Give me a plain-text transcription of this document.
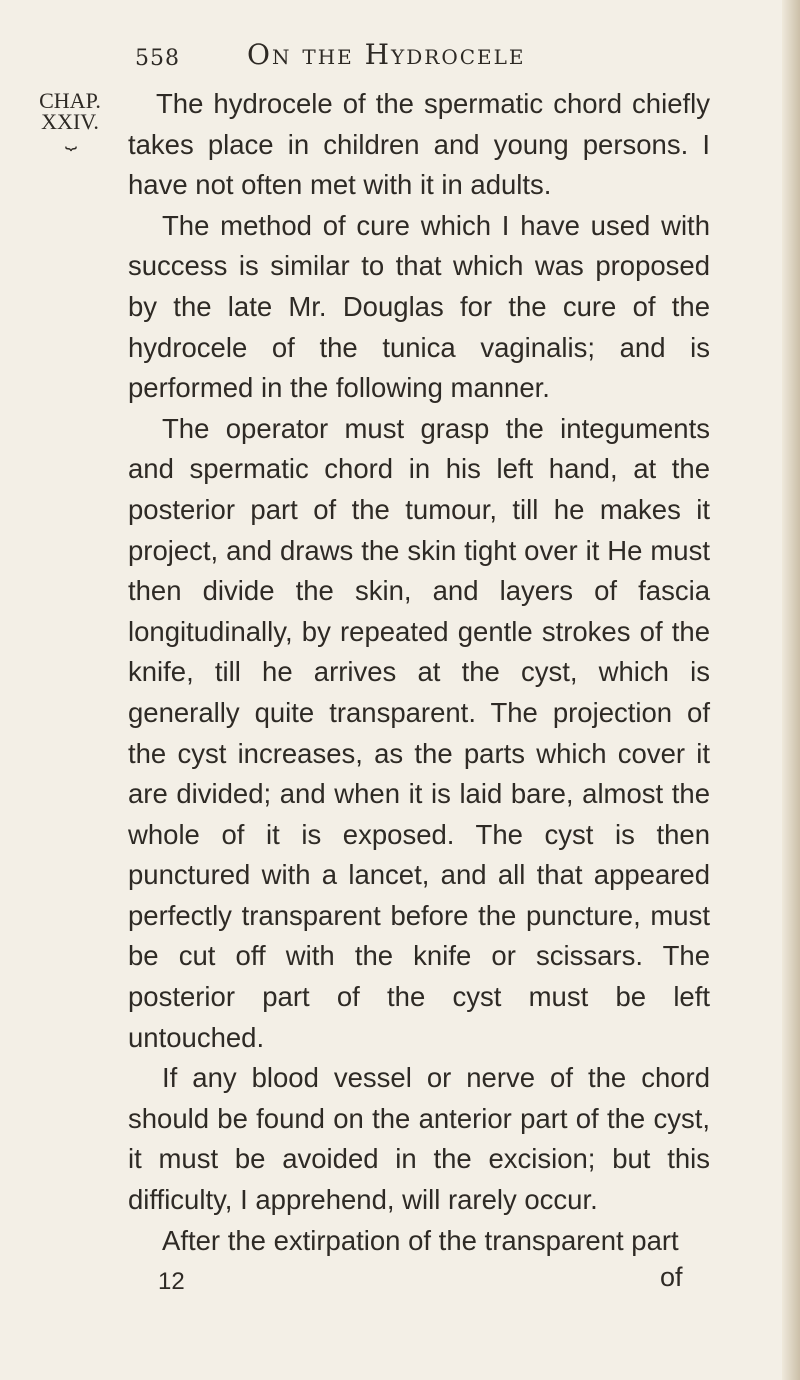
558 On the Hydrocele
CHAP.
XXIV.
⏟

The hydrocele of the spermatic chord chiefly takes place in children and young persons. I have not often met with it in adults.

The method of cure which I have used with success is similar to that which was proposed by the late Mr. Douglas for the cure of the hydrocele of the tunica vaginalis; and is performed in the following manner.

The operator must grasp the integuments and spermatic chord in his left hand, at the posterior part of the tumour, till he makes it project, and draws the skin tight over it He must then divide the skin, and layers of fascia longitudinally, by repeated gentle strokes of the knife, till he arrives at the cyst, which is generally quite transparent. The projection of the cyst increases, as the parts which cover it are divided; and when it is laid bare, almost the whole of it is exposed. The cyst is then punctured with a lancet, and all that appeared perfectly transparent before the puncture, must be cut off with the knife or scissars. The posterior part of the cyst must be left untouched.

If any blood vessel or nerve of the chord should be found on the anterior part of the cyst, it must be avoided in the excision; but this difficulty, I apprehend, will rarely occur.

After the extirpation of the transparent part

12	of
